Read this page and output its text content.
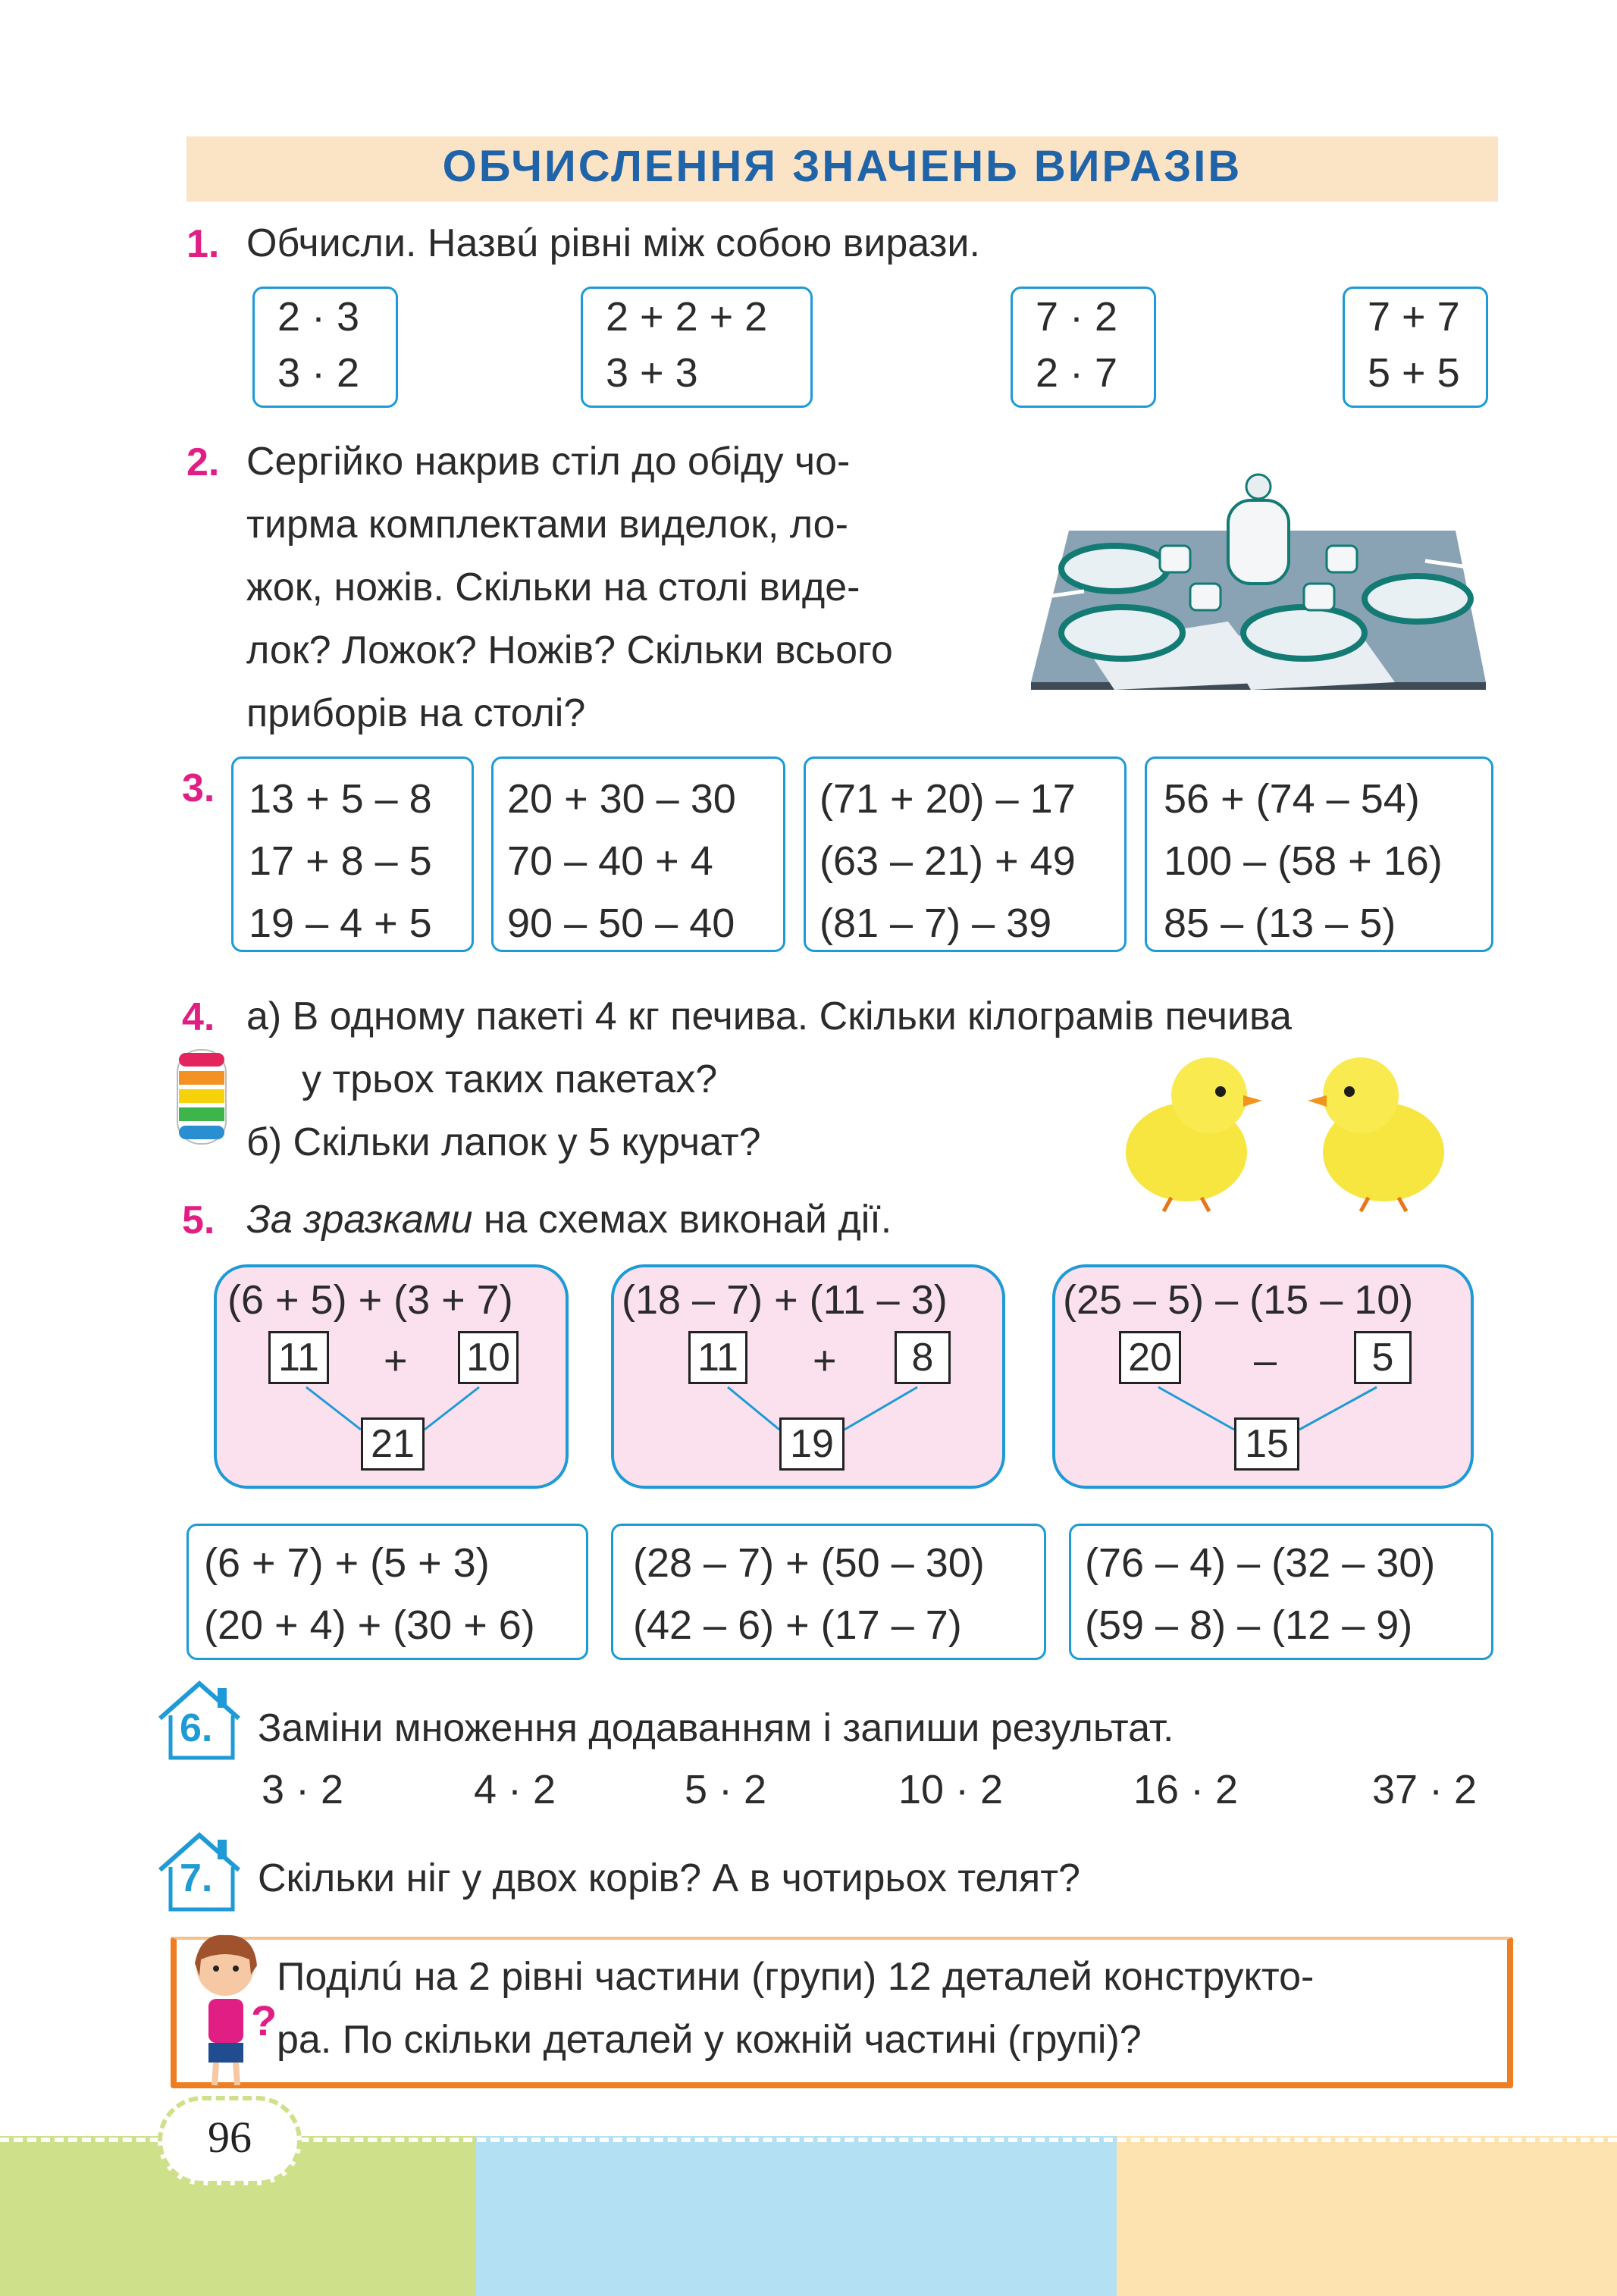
ОБЧИСЛЕННЯ ЗНАЧЕНЬ ВИРАЗІВ
1. Обчисли. Назвú рівні між собою вирази.
2 · 3
3 · 2
2 + 2 + 2
3 + 3
7 · 2
2 · 7
7 + 7
5 + 5
2. Сергійко накрив стіл до обіду чо-
тирма комплектами виделок, ло-
жок, ножів. Скільки на столі виде-
лок? Ложок? Ножів? Скільки всього
приборів на столі?
3. 13 + 5 – 8
17 + 8 – 5
19 – 4 + 5
20 + 30 – 30
70 – 40 + 4
90 – 50 – 40
(71 + 20) – 17
(63 – 21) + 49
(81 – 7) – 39
56 + (74 – 54)
100 – (58 + 16)
85 – (13 – 5)
4. а) В одному пакеті 4 кг печива. Скільки кілограмів печива
у трьох таких пакетах?
б) Скільки лапок у 5 курчат?
5. За зразками на схемах виконай дії.
(6 + 5) + (3 + 7)
11 + 10
21
(18 – 7) + (11 – 3)
11 +	8
19
(25 – 5) – (15 – 10)
20 –	5
15
(6 + 7) + (5 + 3)
(20 + 4) + (30 + 6)
(28 – 7) + (50 – 30)
(42 – 6) + (17 – 7)
(76 – 4) – (32 – 30)
(59 – 8) – (12 – 9)
6. Заміни множення додаванням і запиши результат.
3 · 2	4 · 2	5 · 2	10 · 2	16 · 2	37 · 2
7. Скільки ніг у двох корів? А в чотирьох телят?
?
Поділú на 2 рівні частини (групи) 12 деталей конструкто-
ра. По скільки деталей у кожній частині (групі)?
96
